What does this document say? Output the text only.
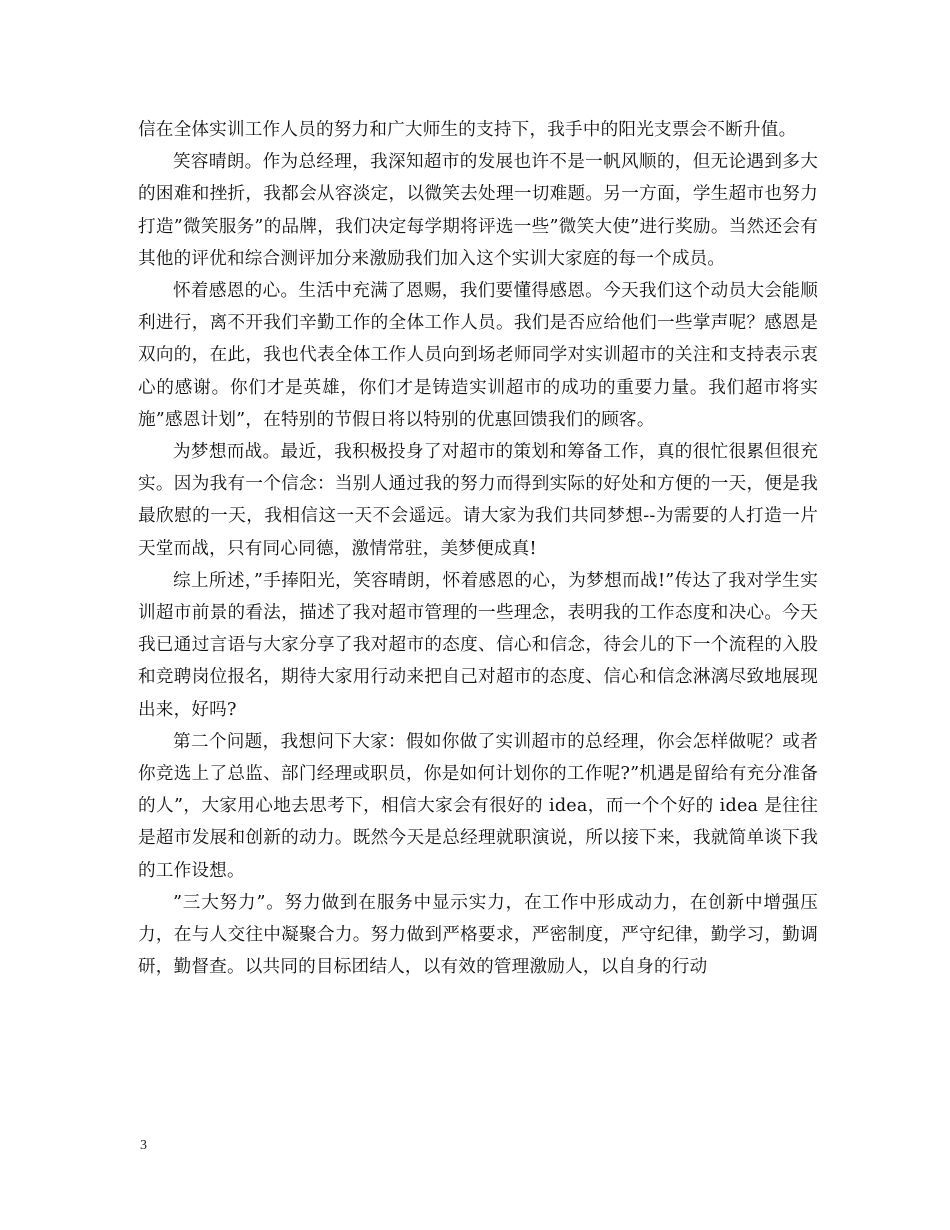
信在全体实训工作人员的努力和广大师生的支持下，我手中的阳光支票会不断升值。

笑容晴朗。作为总经理，我深知超市的发展也许不是一帆风顺的，但无论遇到多大的困难和挫折，我都会从容淡定，以微笑去处理一切难题。另一方面，学生超市也努力打造”微笑服务”的品牌，我们决定每学期将评选一些”微笑大使”进行奖励。当然还会有其他的评优和综合测评加分来激励我们加入这个实训大家庭的每一个成员。

怀着感恩的心。生活中充满了恩赐，我们要懂得感恩。今天我们这个动员大会能顺利进行，离不开我们辛勤工作的全体工作人员。我们是否应给他们一些掌声呢？感恩是双向的，在此，我也代表全体工作人员向到场老师同学对实训超市的关注和支持表示衷心的感谢。你们才是英雄，你们才是铸造实训超市的成功的重要力量。我们超市将实施”感恩计划”，在特别的节假日将以特别的优惠回馈我们的顾客。

为梦想而战。最近，我积极投身了对超市的策划和筹备工作，真的很忙很累但很充实。因为我有一个信念：当别人通过我的努力而得到实际的好处和方便的一天，便是我最欣慰的一天，我相信这一天不会遥远。请大家为我们共同梦想--为需要的人打造一片天堂而战，只有同心同德，激情常驻，美梦便成真!

综上所述，”手捧阳光，笑容晴朗，怀着感恩的心，为梦想而战!”传达了我对学生实训超市前景的看法，描述了我对超市管理的一些理念，表明我的工作态度和决心。今天我已通过言语与大家分享了我对超市的态度、信心和信念，待会儿的下一个流程的入股和竞聘岗位报名，期待大家用行动来把自己对超市的态度、信心和信念淋漓尽致地展现出来，好吗?

第二个问题，我想问下大家：假如你做了实训超市的总经理，你会怎样做呢？或者你竞选上了总监、部门经理或职员，你是如何计划你的工作呢?”机遇是留给有充分准备的人”，大家用心地去思考下，相信大家会有很好的 idea，而一个个好的 idea 是往往是超市发展和创新的动力。既然今天是总经理就职演说，所以接下来，我就简单谈下我的工作设想。

”三大努力”。努力做到在服务中显示实力，在工作中形成动力，在创新中增强压力，在与人交往中凝聚合力。努力做到严格要求，严密制度，严守纪律，勤学习，勤调研，勤督查。以共同的目标团结人，以有效的管理激励人，以自身的行动

3
